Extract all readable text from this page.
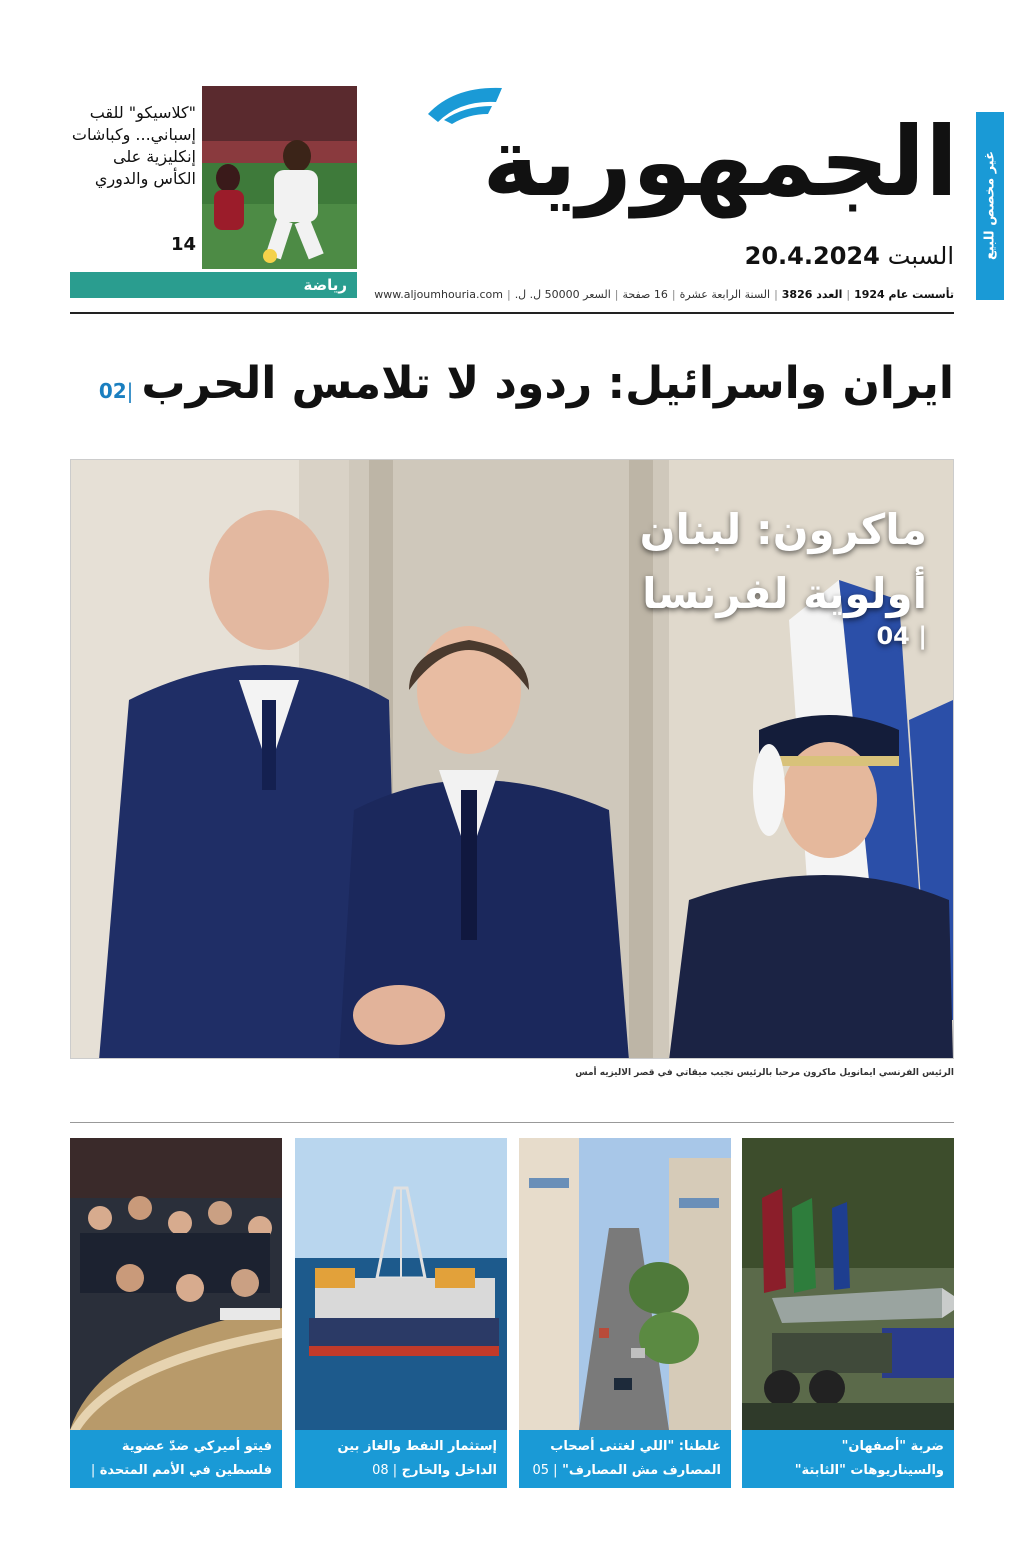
غير مخصص للبيع
الجمهورية
السبت20.4.2024
تأسست عام 1924|العدد 3826|السنة الرابعة عشرة|16 صفحة|السعر 50000 ل. ل.|www.aljoumhouria.com
"كلاسيكو" للقب إسباني... وكباشات إنكليزية على الكأس والدوري
14
رياضة
ايران واسرائيل: ردود لا تلامس الحرب|02
ماكرون: لبنان
أولوية لفرنسا
| 04
الرئيس الفرنسي ايمانويل ماكرون مرحبا بالرئيس نجيب ميقاتي في قصر الاليزيه أمس
ضربة "أصفهان" والسيناريوهات "الثابتة" و"الساقطة"! | 04
غلطنا: "اللي لغتنى أصحاب المصارف مش المصارف" | 05
إستثمار النفط والغاز بين الداخل والخارج | 08
فيتو أميركي ضدّ عضوية فلسطين في الأمم المتحدة | 11
